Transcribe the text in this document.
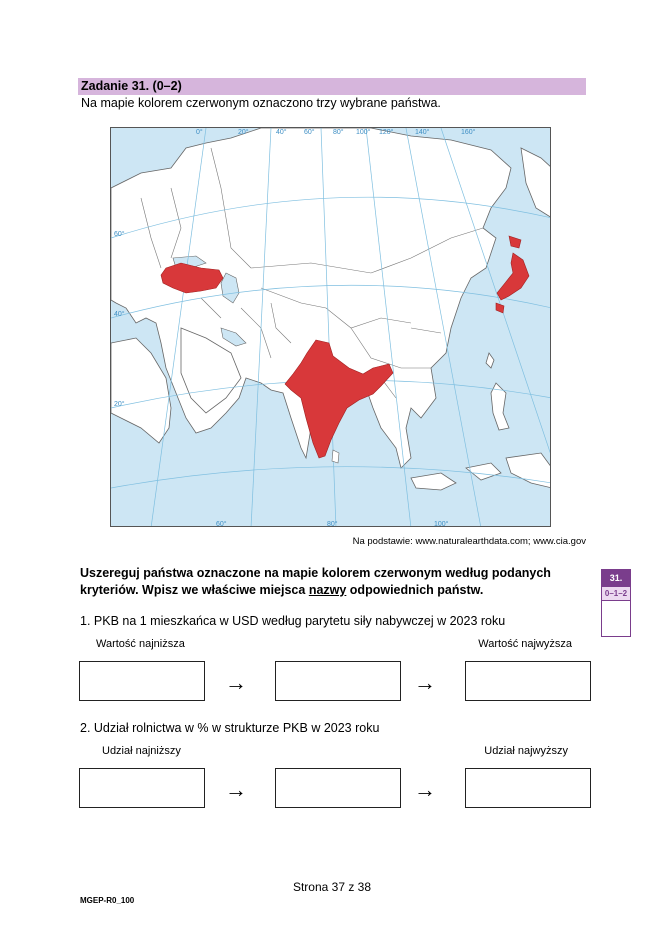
Zadanie 31. (0–2)
Na mapie kolorem czerwonym oznaczono trzy wybrane państwa.
0°	20°	40° 60°	80° 100° 120°	140°	160°
60°	80°	100°
60°
40°
20°
Na podstawie: www.naturalearthdata.com; www.cia.gov
Uszereguj państwa oznaczone na mapie kolorem czerwonym według podanych kryteriów. Wpisz we właściwe miejsca nazwy odpowiednich państw.
1. PKB na 1 mieszkańca w USD według parytetu siły nabywczej w 2023 roku
Wartość najniższa	Wartość najwyższa
→	→
2. Udział rolnictwa w % w strukturze PKB w 2023 roku
Udział najniższy	Udział najwyższy
→	→
31.
0–1–2
Strona 37 z 38
MGEP-R0_100
